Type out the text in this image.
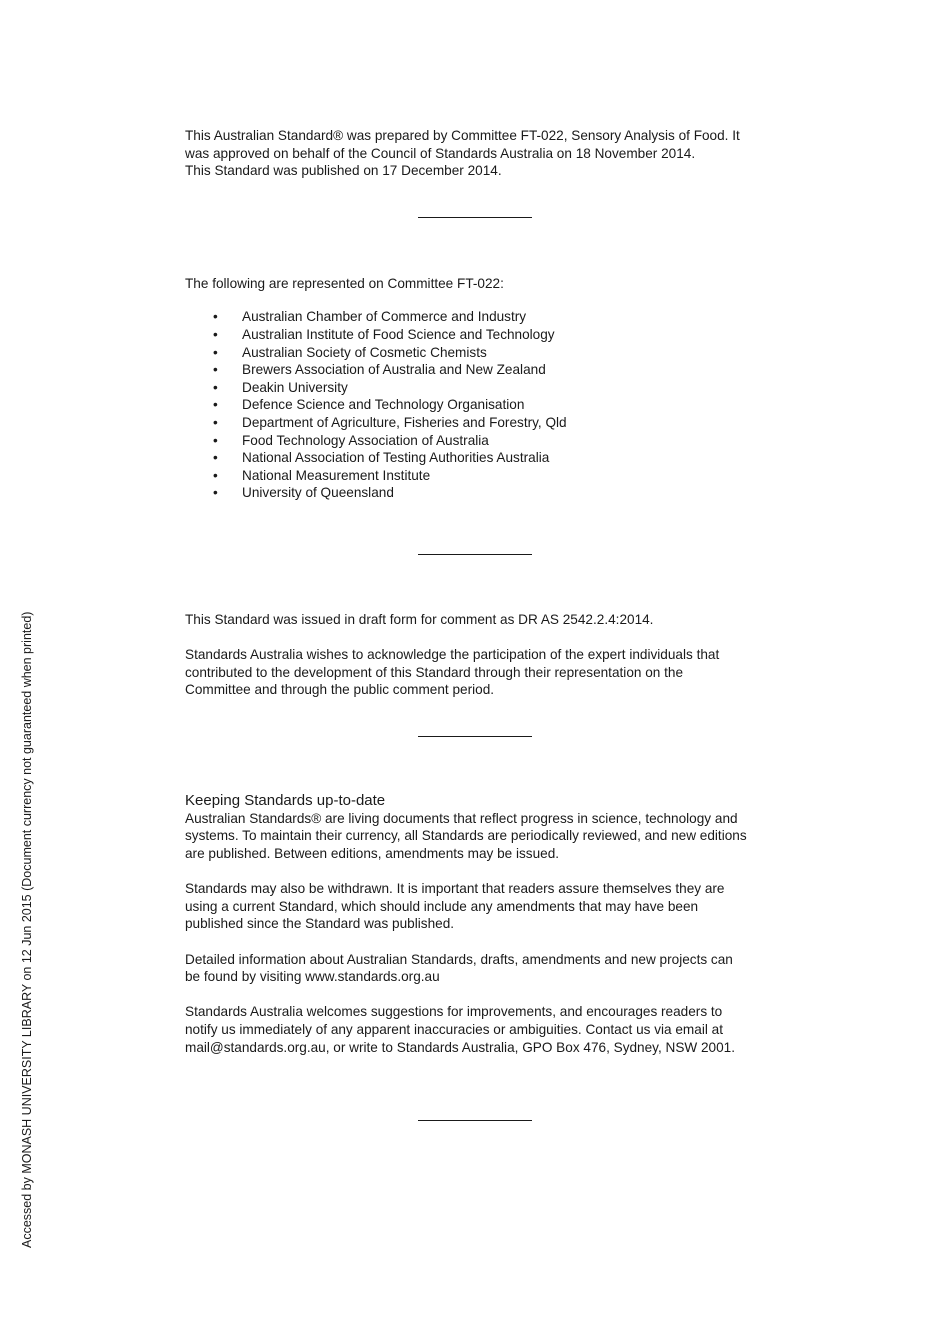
Accessed by MONASH UNIVERSITY LIBRARY on 12 Jun 2015 (Document currency not guaranteed when printed)

This Australian Standard® was prepared by Committee FT-022, Sensory Analysis of Food. It
was approved on behalf of the Council of Standards Australia on 18 November 2014.
This Standard was published on 17 December 2014.

The following are represented on Committee FT-022:

• Australian Chamber of Commerce and Industry
• Australian Institute of Food Science and Technology
• Australian Society of Cosmetic Chemists
• Brewers Association of Australia and New Zealand
• Deakin University
• Defence Science and Technology Organisation
• Department of Agriculture, Fisheries and Forestry, Qld
• Food Technology Association of Australia
• National Association of Testing Authorities Australia
• National Measurement Institute
• University of Queensland

This Standard was issued in draft form for comment as DR AS 2542.2.4:2014.

Standards Australia wishes to acknowledge the participation of the expert individuals that
contributed to the development of this Standard through their representation on the
Committee and through the public comment period.

Keeping Standards up-to-date

Australian Standards® are living documents that reflect progress in science, technology and
systems. To maintain their currency, all Standards are periodically reviewed, and new editions
are published. Between editions, amendments may be issued.

Standards may also be withdrawn. It is important that readers assure themselves they are
using a current Standard, which should include any amendments that may have been
published since the Standard was published.

Detailed information about Australian Standards, drafts, amendments and new projects can
be found by visiting www.standards.org.au

Standards Australia welcomes suggestions for improvements, and encourages readers to
notify us immediately of any apparent inaccuracies or ambiguities. Contact us via email at
mail@standards.org.au, or write to Standards Australia, GPO Box 476, Sydney, NSW 2001.
